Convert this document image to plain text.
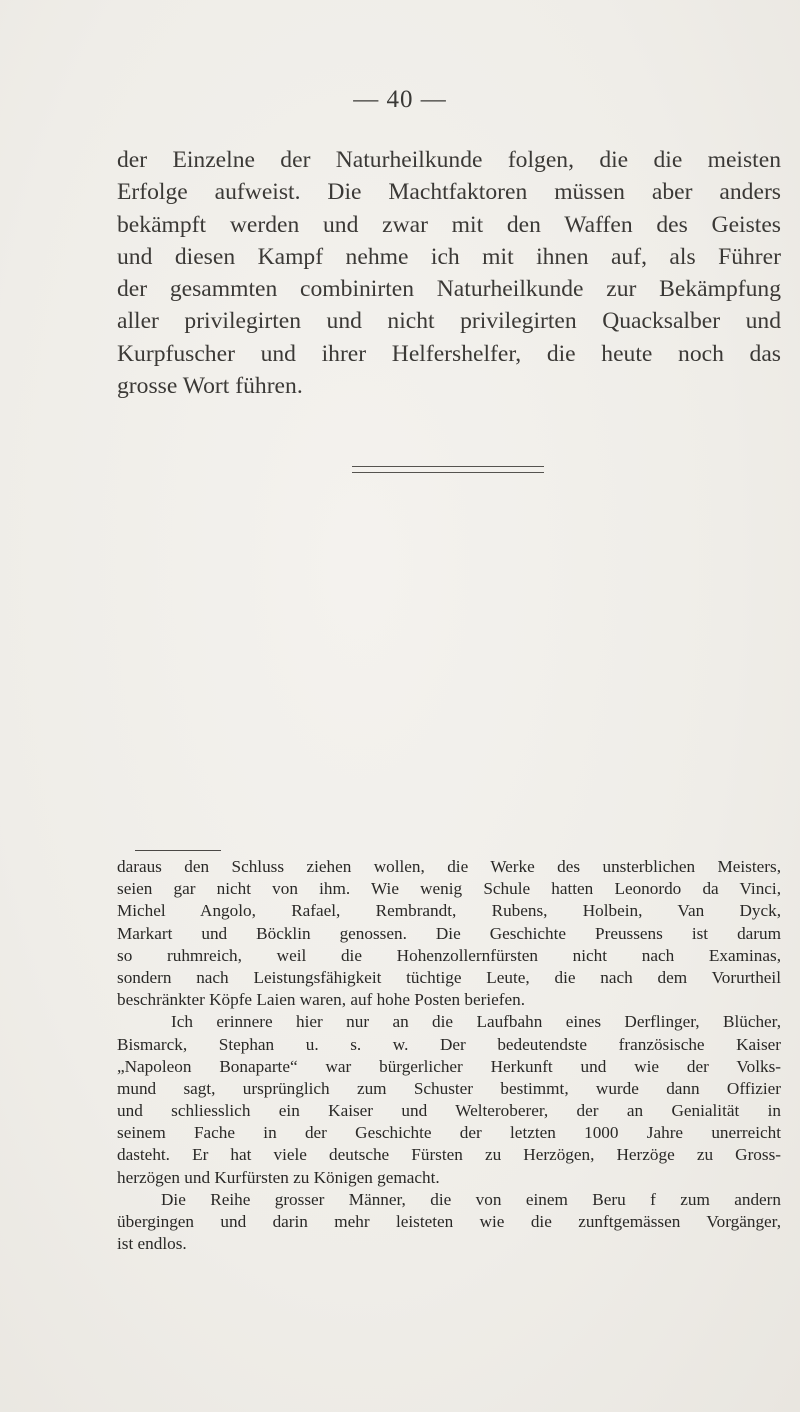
— 40 —
der Einzelne der Naturheilkunde folgen, die die meisten
Erfolge aufweist. Die Machtfaktoren müssen aber anders
bekämpft werden und zwar mit den Waffen des Geistes
und diesen Kampf nehme ich mit ihnen auf, als Führer
der gesammten combinirten Naturheilkunde zur Bekämpfung
aller privilegirten und nicht privilegirten Quacksalber und
Kurpfuscher und ihrer Helfershelfer, die heute noch das
grosse Wort führen.
daraus den Schluss ziehen wollen, die Werke des unsterblichen Meisters,
seien gar nicht von ihm. Wie wenig Schule hatten Leonordo da Vinci,
Michel Angolo, Rafael, Rembrandt, Rubens, Holbein, Van Dyck,
Markart und Böcklin genossen. Die Geschichte Preussens ist darum
so ruhmreich, weil die Hohenzollernfürsten nicht nach Examinas,
sondern nach Leistungsfähigkeit tüchtige Leute, die nach dem Vorurtheil
beschränkter Köpfe Laien waren, auf hohe Posten beriefen.
Ich erinnere hier nur an die Laufbahn eines Derflinger, Blücher,
Bismarck, Stephan u. s. w. Der bedeutendste französische Kaiser
„Napoleon Bonaparte“ war bürgerlicher Herkunft und wie der Volks-
mund sagt, ursprünglich zum Schuster bestimmt, wurde dann Offizier
und schliesslich ein Kaiser und Welteroberer, der an Genialität in
seinem Fache in der Geschichte der letzten 1000 Jahre unerreicht
dasteht. Er hat viele deutsche Fürsten zu Herzögen, Herzöge zu Gross-
herzögen und Kurfürsten zu Königen gemacht.
Die Reihe grosser Männer, die von einem Beru f zum andern
übergingen und darin mehr leisteten wie die zunftgemässen Vorgänger,
ist endlos.
